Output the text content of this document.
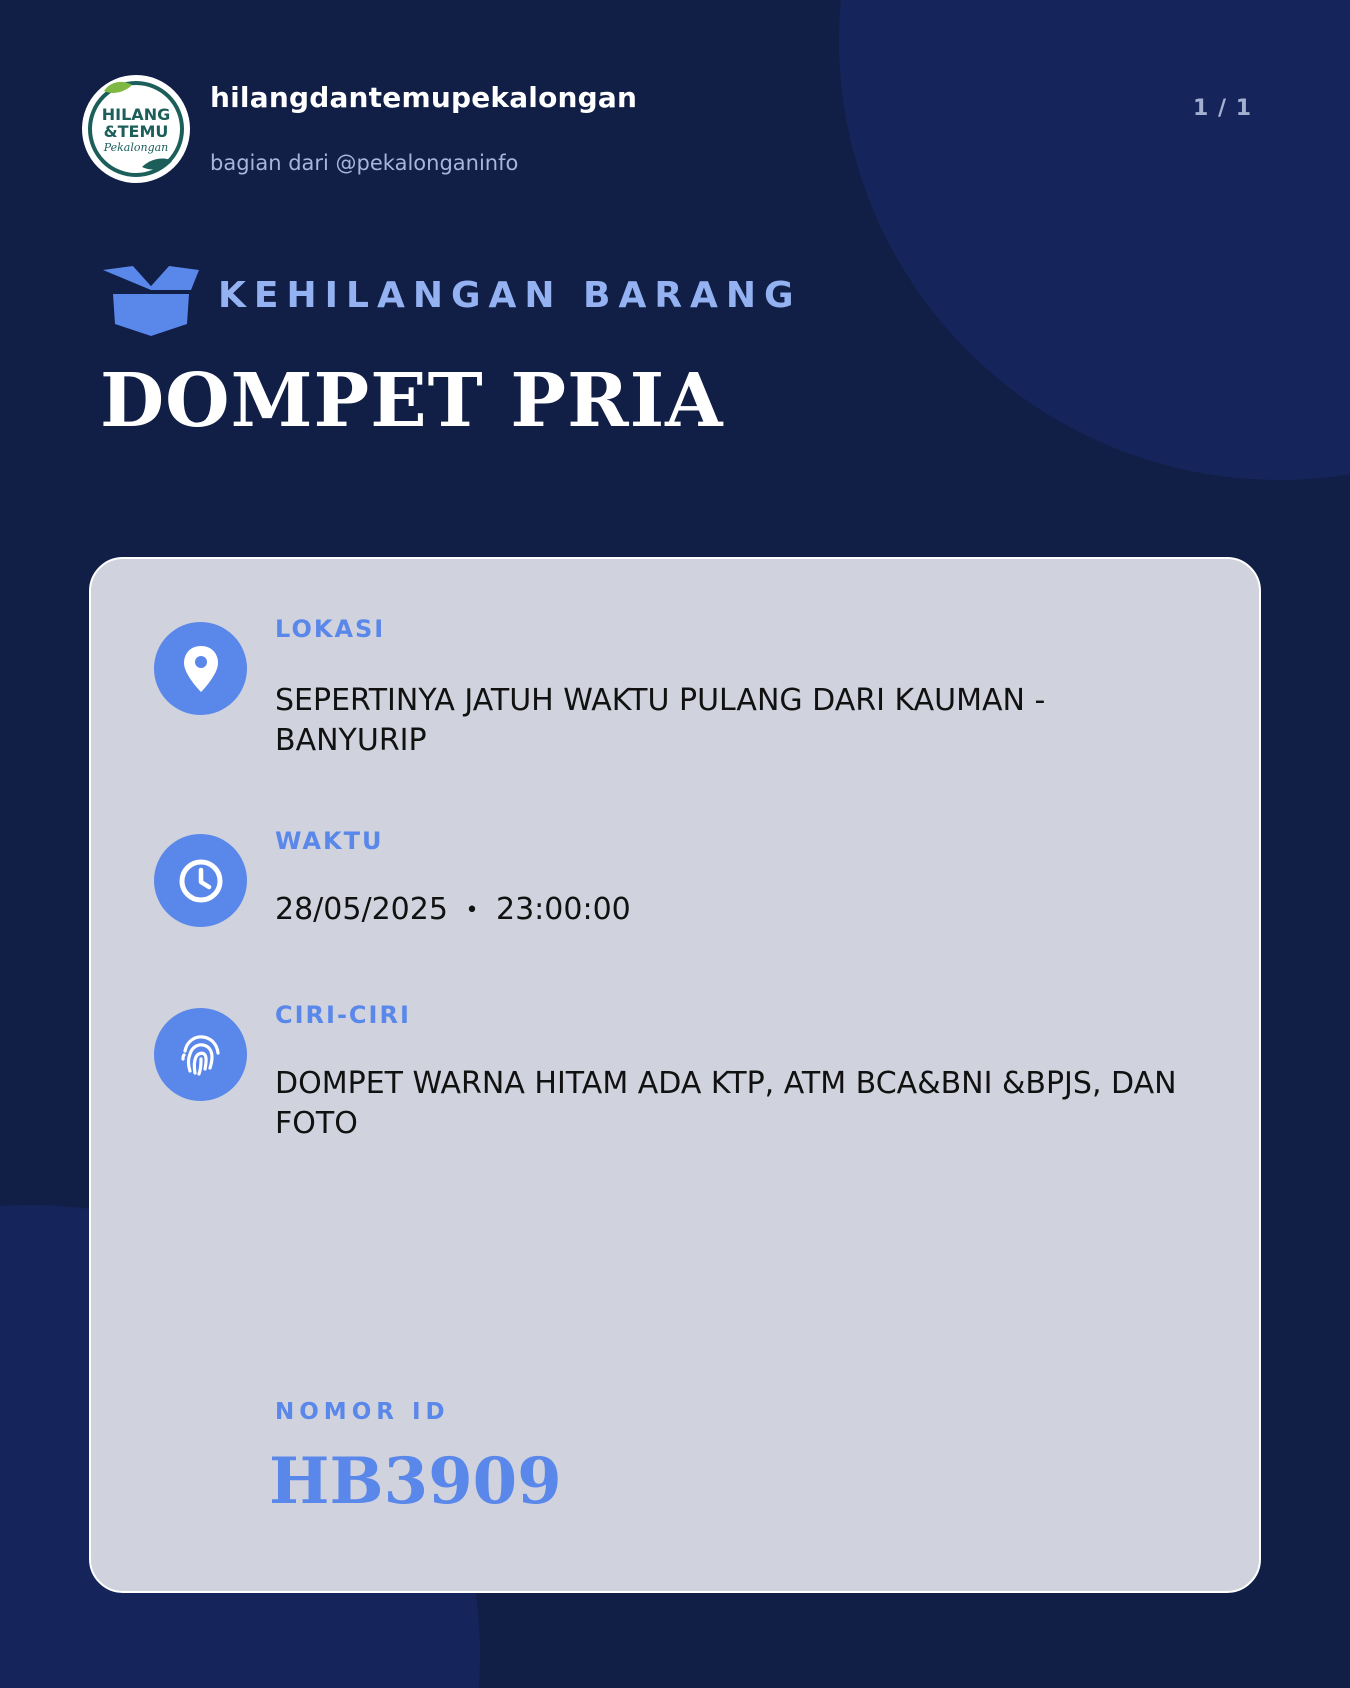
HILANG
&TEMU
Pekalongan
hilangdantemupekalongan
bagian dari @pekalonganinfo
1 / 1
KEHILANGAN BARANG
DOMPET PRIA
LOKASI
SEPERTINYA JATUH WAKTU PULANG DARI KAUMAN - BANYURIP
WAKTU
28/05/2025 • 23:00:00
CIRI-CIRI
DOMPET WARNA HITAM ADA KTP, ATM BCA&BNI &BPJS, DAN FOTO
NOMOR ID
HB3909
